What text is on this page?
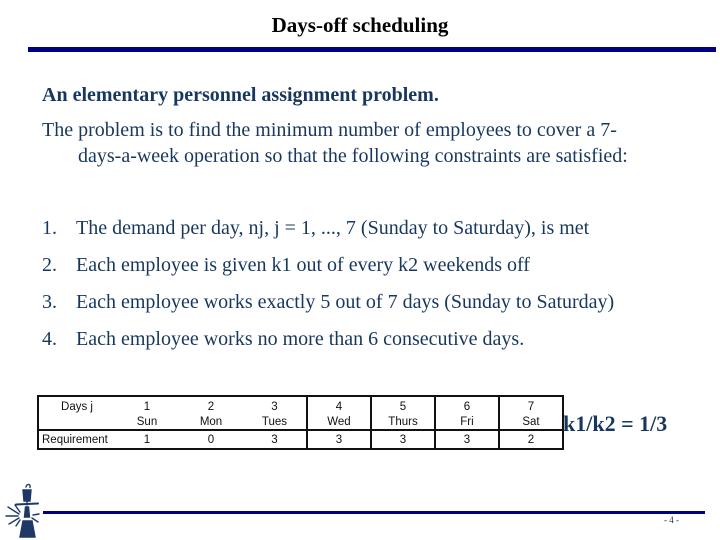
Days-off scheduling
An elementary personnel assignment problem.
The problem is to find the minimum number of employees to cover a 7-
days-a-week operation so that the following constraints are satisfied:
1. The demand per day, nj, j = 1, ..., 7 (Sunday to Saturday), is met
2. Each employee is given k1 out of every k2 weekends off
3. Each employee works exactly 5 out of 7 days (Sunday to Saturday)
4. Each employee works no more than 6 consecutive days.
Days j	1	2	3	4	5	6	7
	Sun	Mon	Tues	Wed	Thurs	Fri	Sat
Requirement	1	0	3	3	3	3	2
k1/k2 = 1/3
- 4 -
